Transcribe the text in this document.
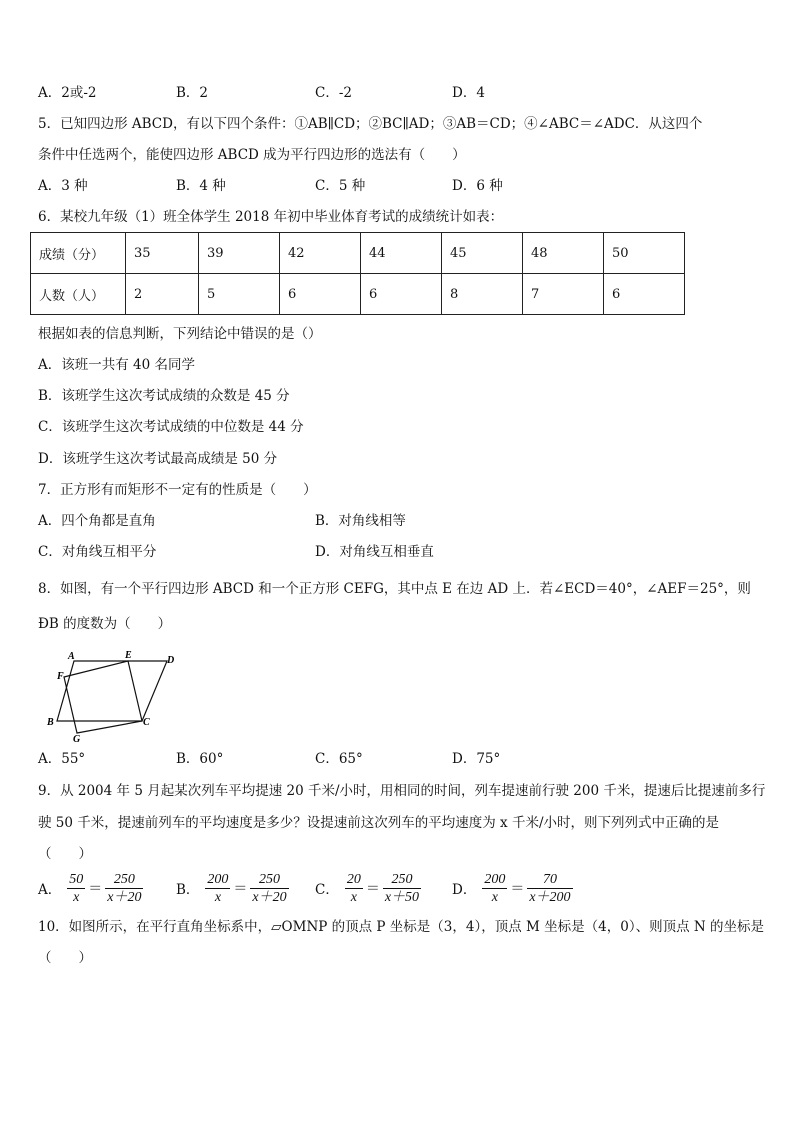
A．2或-2	B．2	C．-2	D．4
5．已知四边形 ABCD，有以下四个条件：①AB∥CD；②BC∥AD；③AB＝CD；④∠ABC＝∠ADC．从这四个
条件中任选两个，能使四边形 ABCD 成为平行四边形的选法有（　　）
A．3 种	B．4 种	C．5 种	D．6 种
6．某校九年级（1）班全体学生 2018 年初中毕业体育考试的成绩统计如表：
成绩（分）	35	39	42	44	45	48	50
人数（人）	2	5	6	6	8	7	6
根据如表的信息判断，下列结论中错误的是（）
A．该班一共有 40 名同学
B．该班学生这次考试成绩的众数是 45 分
C．该班学生这次考试成绩的中位数是 44 分
D．该班学生这次考试最高成绩是 50 分
7．正方形有而矩形不一定有的性质是（　　）
A．四个角都是直角	B．对角线相等
C．对角线互相平分	D．对角线互相垂直
8．如图，有一个平行四边形 ABCD 和一个正方形 CEFG，其中点 E 在边 AD 上．若∠ECD＝40°，∠AEF＝25°，则
ÐB 的度数为（　　）
A	E	D
F
B	C
G
A．55°	B．60°	C．65°	D．75°
9．从 2004 年 5 月起某次列车平均提速 20 千米/小时，用相同的时间，列车提速前行驶 200 千米，提速后比提速前多行
驶 50 千米，提速前列车的平均速度是多少？设提速前这次列车的平均速度为 x 千米/小时，则下列列式中正确的是
（　　）
A． $\frac{50}{x} = \frac{250}{x+20}$ B． $\frac{200}{x} = \frac{250}{x+20}$ C． $\frac{20}{x} = \frac{250}{x+50}$ D． $\frac{200}{x} = \frac{70}{x+200}$
10．如图所示，在平行直角坐标系中，▱OMNP 的顶点 P 坐标是（3，4），顶点 M 坐标是（4，0）、则顶点 N 的坐标是
（　　）
